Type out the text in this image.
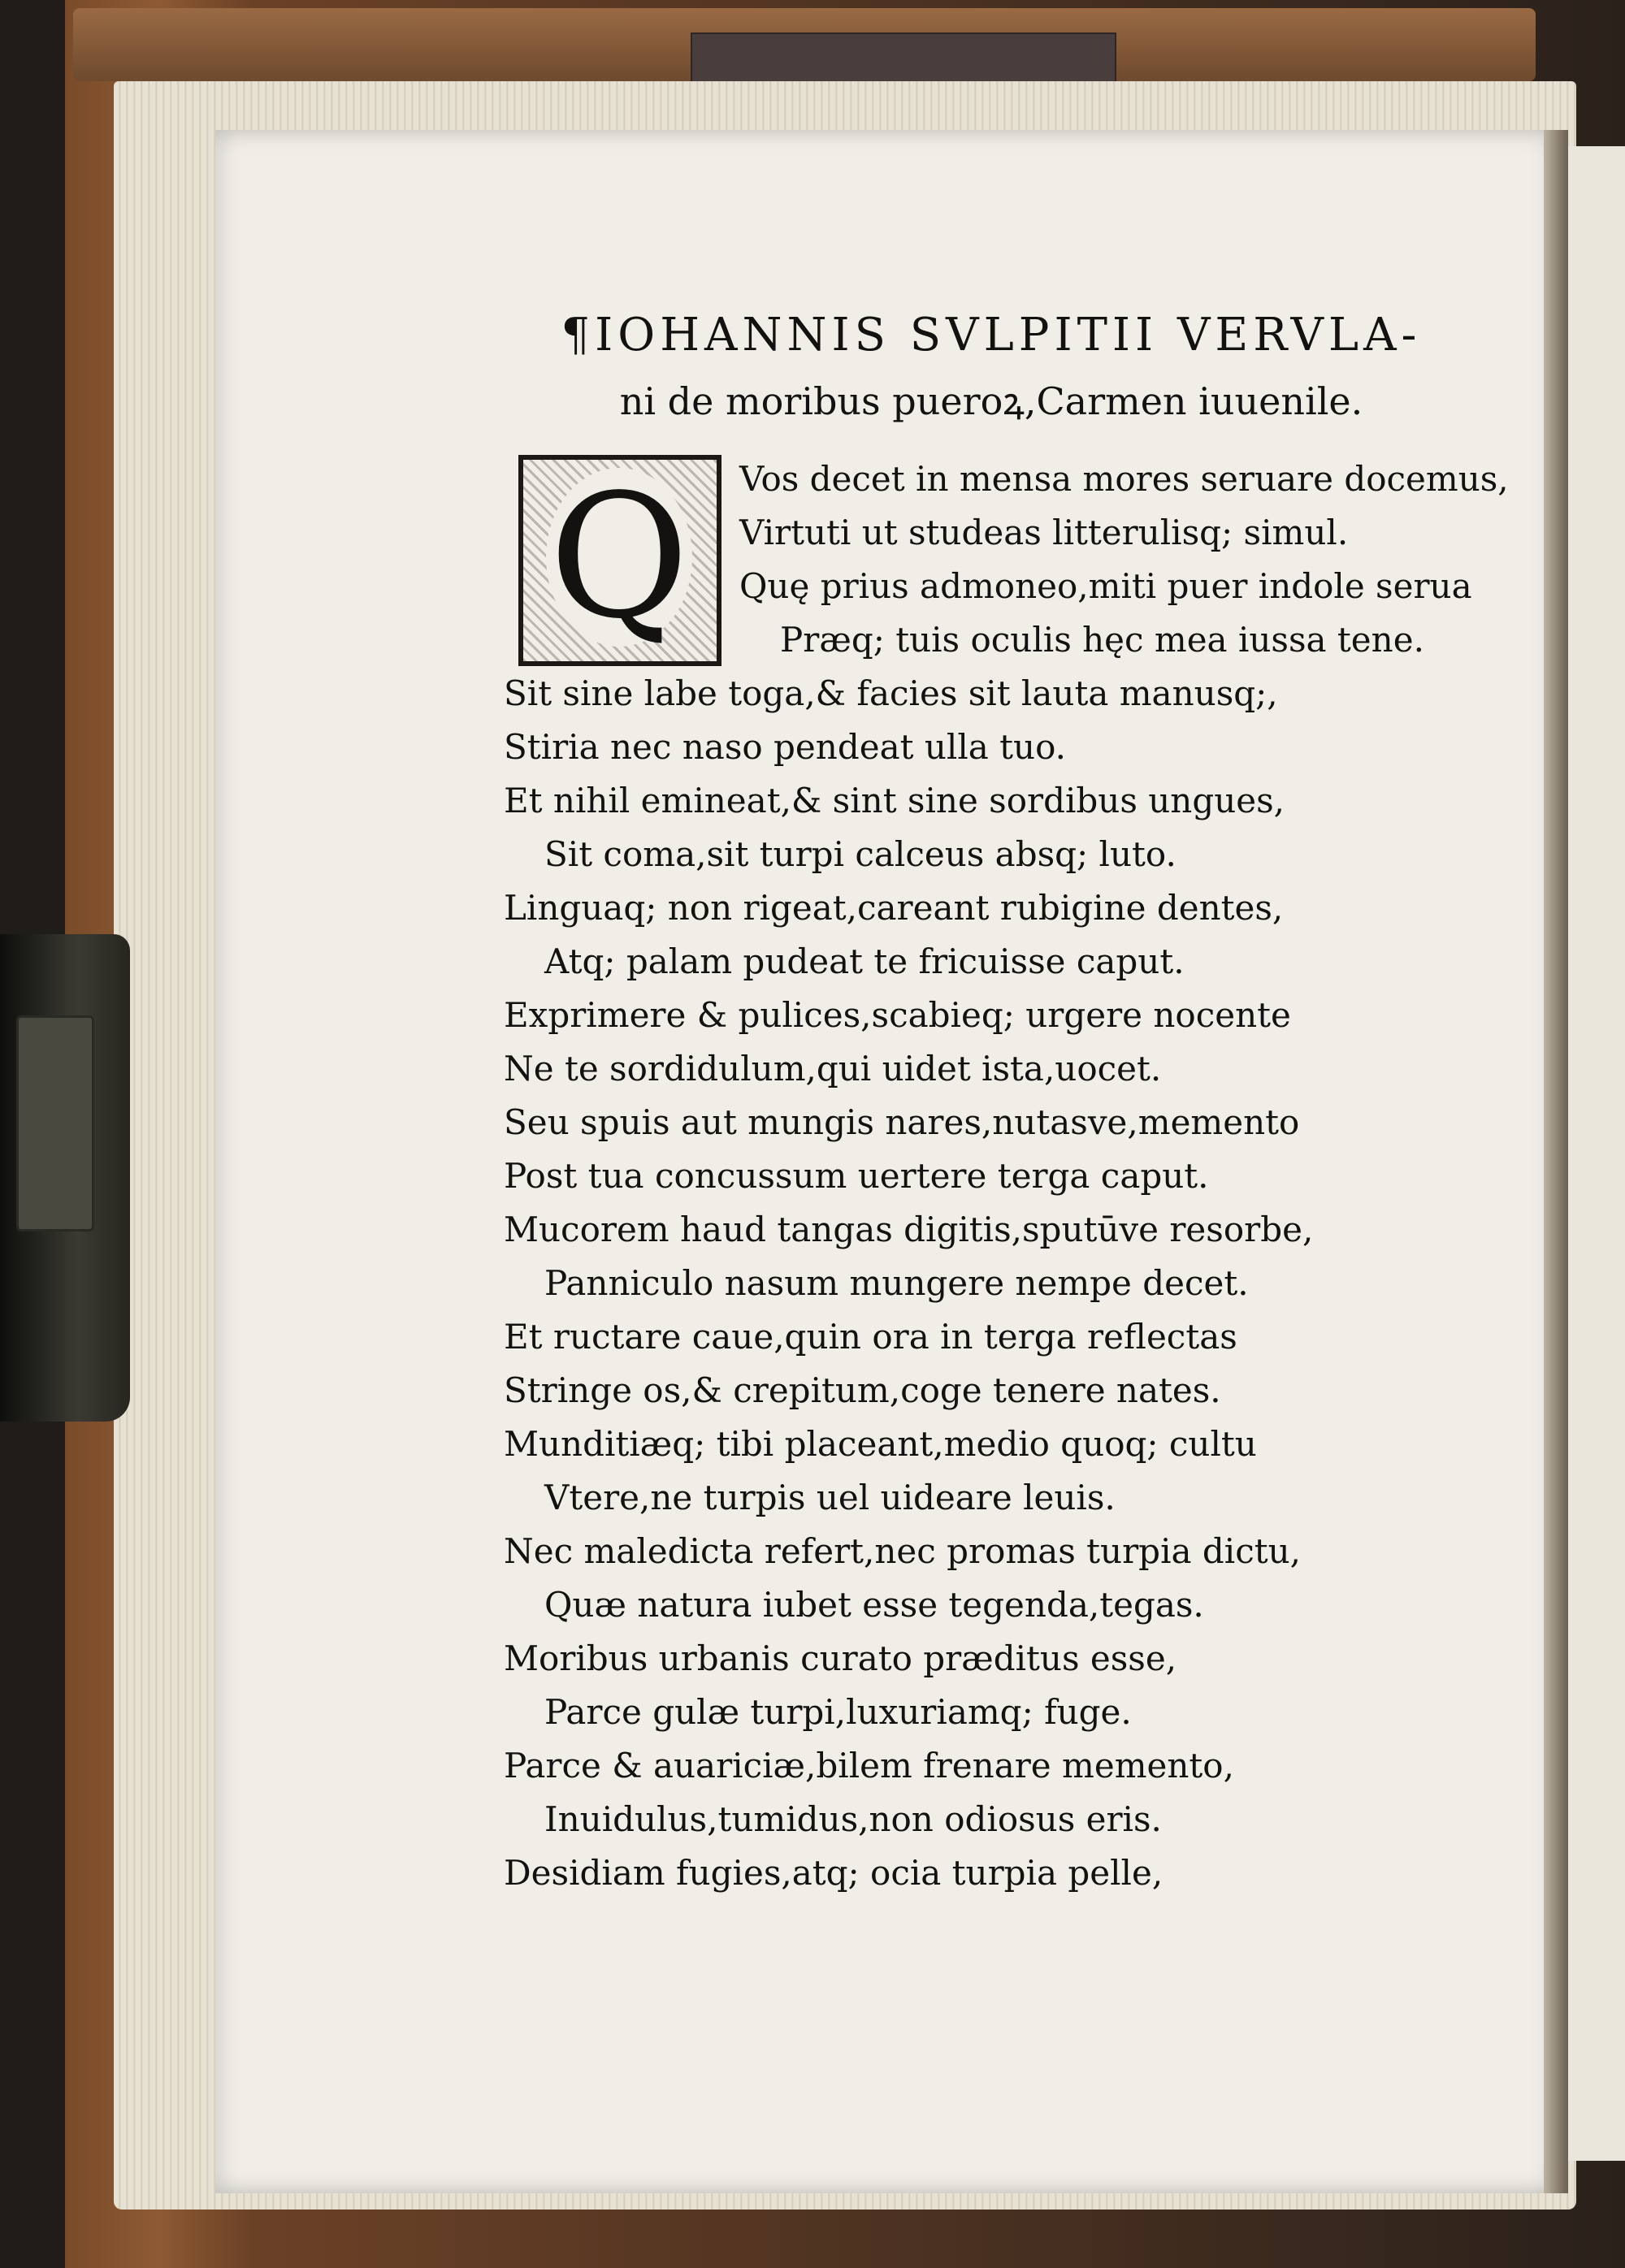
¶IOHANNIS SVLPITII VERVLA-
ni de moribus pueroꝝ,Carmen iuuenile.
Q Vos decet in mensa mores seruare docemus,
Virtuti ut studeas litterulisq; simul.
Quę prius admoneo,miti puer indole serua
Præq; tuis oculis hęc mea iussa tene.
Sit sine labe toga,& facies sit lauta manusq;,
Stiria nec naso pendeat ulla tuo.
Et nihil emineat,& sint sine sordibus ungues,
Sit coma,sit turpi calceus absq; luto.
Linguaq; non rigeat,careant rubigine dentes,
Atq; palam pudeat te fricuisse caput.
Exprimere & pulices,scabieq; urgere nocente
Ne te sordidulum,qui uidet ista,uocet.
Seu spuis aut mungis nares,nutasve,memento
Post tua concussum uertere terga caput.
Mucorem haud tangas digitis,sputūve resorbe,
Panniculo nasum mungere nempe decet.
Et ructare caue,quin ora in terga reflectas
Stringe os,& crepitum,coge tenere nates.
Munditiæq; tibi placeant,medio quoq; cultu
Vtere,ne turpis uel uideare leuis.
Nec maledicta refert,nec promas turpia dictu,
Quæ natura iubet esse tegenda,tegas.
Moribus urbanis curato præditus esse,
Parce gulæ turpi,luxuriamq; fuge.
Parce & auariciæ,bilem frenare memento,
Inuidulus,tumidus,non odiosus eris.
Desidiam fugies,atq; ocia turpia pelle,
